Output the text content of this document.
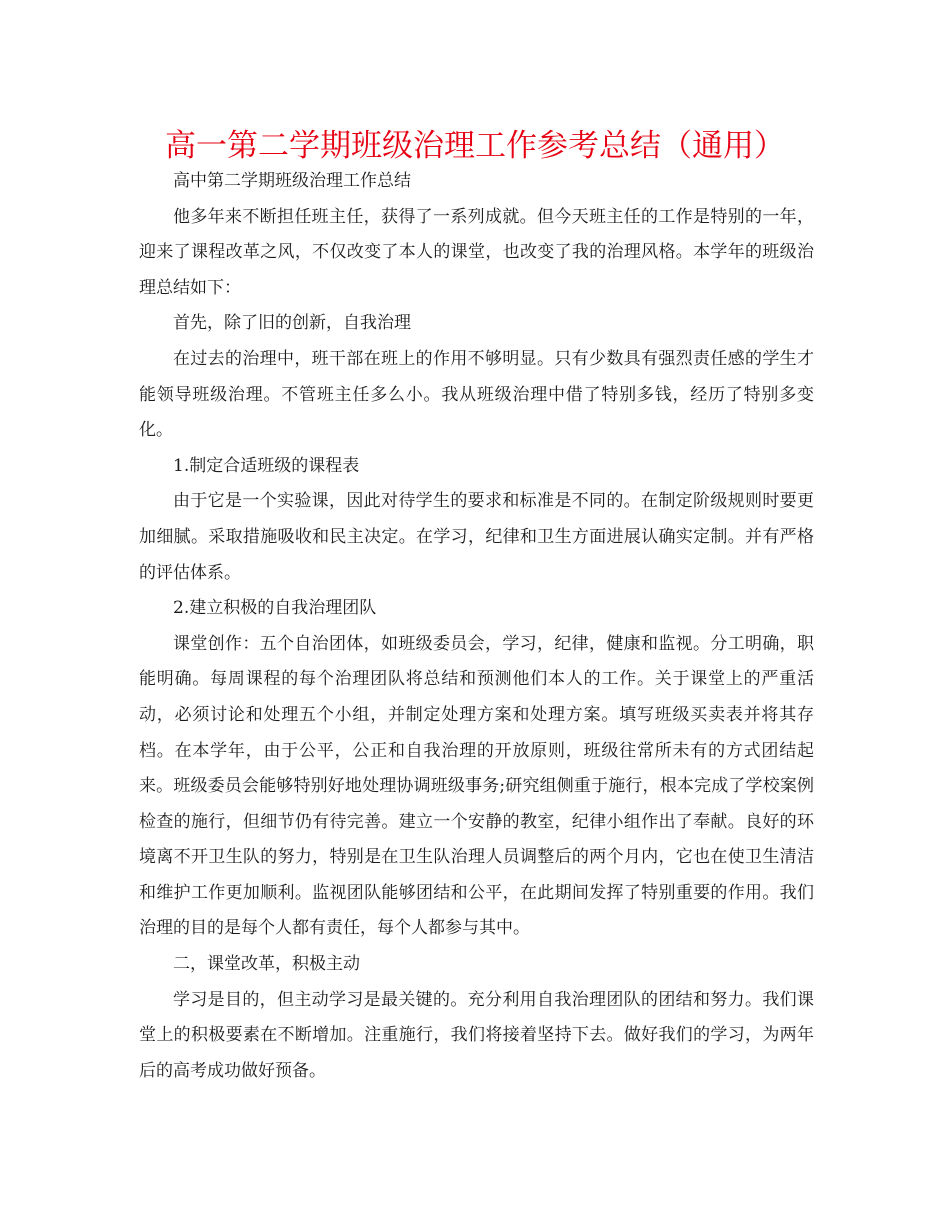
高一第二学期班级治理工作参考总结（通用）

高中第二学期班级治理工作总结

他多年来不断担任班主任，获得了一系列成就。但今天班主任的工作是特别的一年，迎来了课程改革之风，不仅改变了本人的课堂，也改变了我的治理风格。本学年的班级治理总结如下：

首先，除了旧的创新，自我治理

在过去的治理中，班干部在班上的作用不够明显。只有少数具有强烈责任感的学生才能领导班级治理。不管班主任多么小。我从班级治理中借了特别多钱，经历了特别多变化。

1.制定合适班级的课程表

由于它是一个实验课，因此对待学生的要求和标准是不同的。在制定阶级规则时要更加细腻。采取措施吸收和民主决定。在学习，纪律和卫生方面进展认确实定制。并有严格的评估体系。

2.建立积极的自我治理团队

课堂创作：五个自治团体，如班级委员会，学习，纪律，健康和监视。分工明确，职能明确。每周课程的每个治理团队将总结和预测他们本人的工作。关于课堂上的严重活动，必须讨论和处理五个小组，并制定处理方案和处理方案。填写班级买卖表并将其存档。在本学年，由于公平，公正和自我治理的开放原则，班级往常所未有的方式团结起来。班级委员会能够特别好地处理协调班级事务;研究组侧重于施行，根本完成了学校案例检查的施行，但细节仍有待完善。建立一个安静的教室，纪律小组作出了奉献。良好的环境离不开卫生队的努力，特别是在卫生队治理人员调整后的两个月内，它也在使卫生清洁和维护工作更加顺利。监视团队能够团结和公平，在此期间发挥了特别重要的作用。我们治理的目的是每个人都有责任，每个人都参与其中。

二，课堂改革，积极主动

学习是目的，但主动学习是最关键的。充分利用自我治理团队的团结和努力。我们课堂上的积极要素在不断增加。注重施行，我们将接着坚持下去。做好我们的学习，为两年后的高考成功做好预备。
